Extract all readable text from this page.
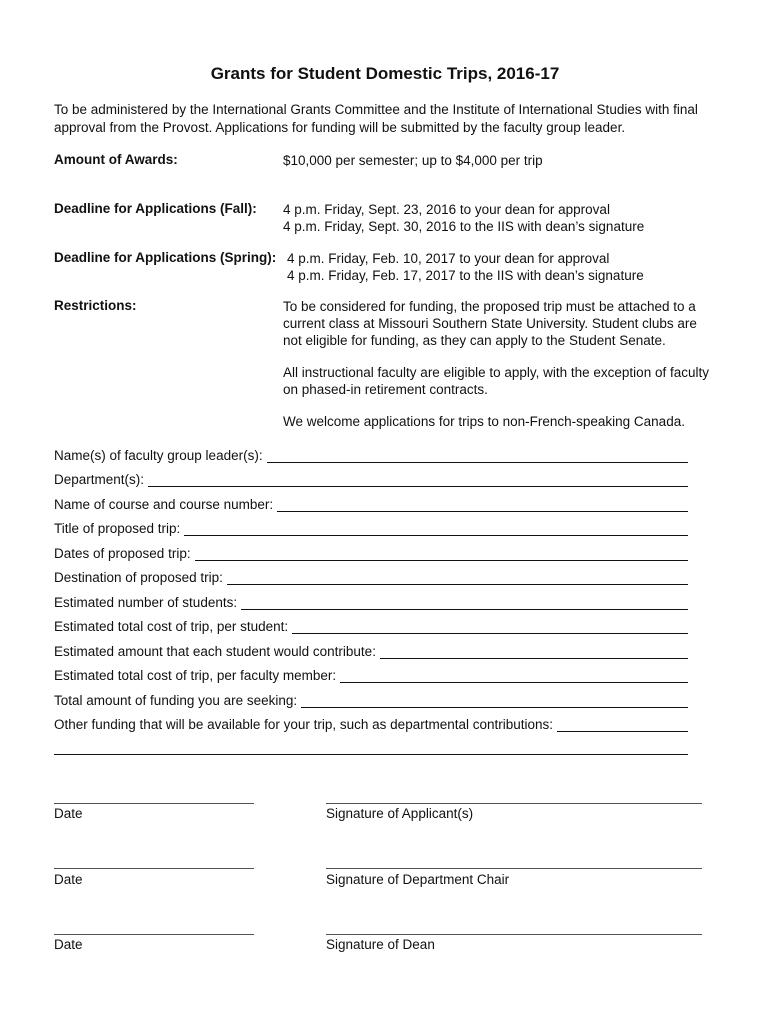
Grants for Student Domestic Trips, 2016-17
To be administered by the International Grants Committee and the Institute of International Studies with final approval from the Provost. Applications for funding will be submitted by the faculty group leader.
Amount of Awards:	$10,000 per semester; up to $4,000 per trip
Deadline for Applications (Fall): 4 p.m. Friday, Sept. 23, 2016 to your dean for approval
4 p.m. Friday, Sept. 30, 2016 to the IIS with dean’s signature
Deadline for Applications (Spring): 4 p.m. Friday, Feb. 10, 2017 to your dean for approval
4 p.m. Friday, Feb. 17, 2017 to the IIS with dean’s signature
Restrictions:	To be considered for funding, the proposed trip must be attached to a current class at Missouri Southern State University. Student clubs are not eligible for funding, as they can apply to the Student Senate.

All instructional faculty are eligible to apply, with the exception of faculty on phased-in retirement contracts.

We welcome applications for trips to non-French-speaking Canada.

Name(s) of faculty group leader(s):
Department(s):
Name of course and course number:
Title of proposed trip:
Dates of proposed trip:
Destination of proposed trip:
Estimated number of students:
Estimated total cost of trip, per student:
Estimated amount that each student would contribute:
Estimated total cost of trip, per faculty member:
Total amount of funding you are seeking:
Other funding that will be available for your trip, such as departmental contributions:
Date	Signature of Applicant(s)
Date	Signature of Department Chair
Date	Signature of Dean
